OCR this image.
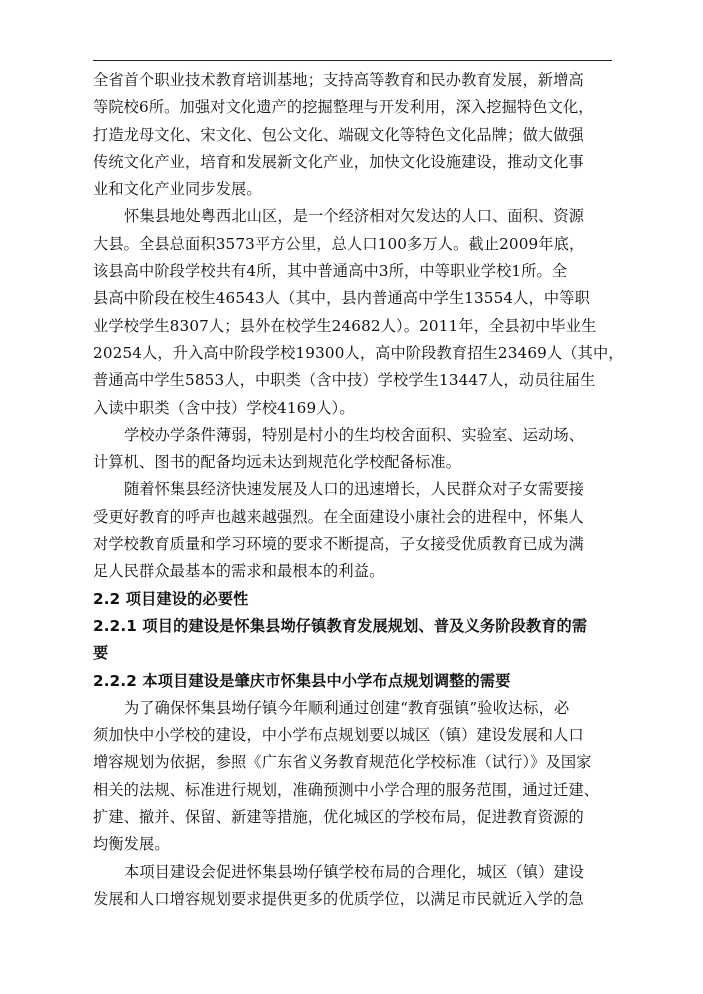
全省首个职业技术教育培训基地；支持高等教育和民办教育发展，新增高
等院校6所。加强对文化遗产的挖掘整理与开发利用，深入挖掘特色文化，
打造龙母文化、宋文化、包公文化、端砚文化等特色文化品牌；做大做强
传统文化产业，培育和发展新文化产业，加快文化设施建设，推动文化事
业和文化产业同步发展。
怀集县地处粤西北山区，是一个经济相对欠发达的人口、面积、资源
大县。全县总面积3573平方公里，总人口100多万人。截止2009年底，
该县高中阶段学校共有4所，其中普通高中3所，中等职业学校1所。全
县高中阶段在校生46543人（其中，县内普通高中学生13554人，中等职
业学校学生8307人；县外在校学生24682人）。2011年，全县初中毕业生
20254人，升入高中阶段学校19300人，高中阶段教育招生23469人（其中，
普通高中学生5853人，中职类（含中技）学校学生13447人，动员往届生
入读中职类（含中技）学校4169人）。
学校办学条件薄弱，特别是村小的生均校舍面积、实验室、运动场、
计算机、图书的配备均远未达到规范化学校配备标准。
随着怀集县经济快速发展及人口的迅速增长，人民群众对子女需要接
受更好教育的呼声也越来越强烈。在全面建设小康社会的进程中，怀集人
对学校教育质量和学习环境的要求不断提高，子女接受优质教育已成为满
足人民群众最基本的需求和最根本的利益。
2.2 项目建设的必要性
2.2.1 项目的建设是怀集县坳仔镇教育发展规划、普及义务阶段教育的需
要
2.2.2 本项目建设是肇庆市怀集县中小学布点规划调整的需要
为了确保怀集县坳仔镇今年顺利通过创建“教育强镇”验收达标，必
须加快中小学校的建设，中小学布点规划要以城区（镇）建设发展和人口
增容规划为依据，参照《广东省义务教育规范化学校标准（试行）》及国家
相关的法规、标准进行规划，准确预测中小学合理的服务范围，通过迁建、
扩建、撤并、保留、新建等措施，优化城区的学校布局，促进教育资源的
均衡发展。
本项目建设会促进怀集县坳仔镇学校布局的合理化，城区（镇）建设
发展和人口增容规划要求提供更多的优质学位，以满足市民就近入学的急
